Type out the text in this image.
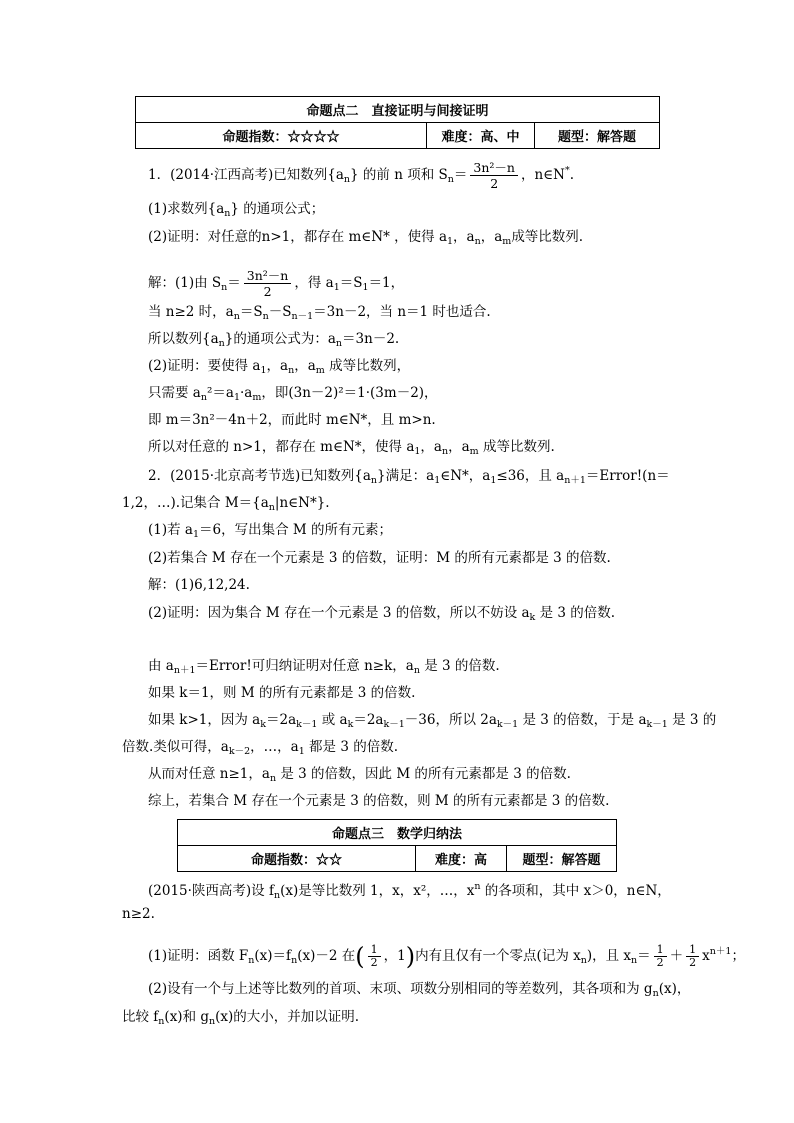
命题点二　直接证明与间接证明
命题指数：☆☆☆☆	难度：高、中	题型：解答题
1．(2014·江西高考)已知数列$\{a_n\}$ 的前 n 项和 $S_n= \frac{\text{3n²－n}}{2}$ ，n∈N*.
(1)求数列$\{a_n\}$ 的通项公式；
(2)证明：对任意的n>1，都存在 m∈N* ，使得 $a_1$，$a_n$，$a_m$成等比数列.
解：(1)由 $S_n= \frac{\text{3n²－n}}{2}$ ，得 $a_1=S_1=1$，
当 n≥2 时，$a_n=S_n-S_{n-1}=3n-2$，当 n＝1 时也适合.
所以数列$\{a_n\}$的通项公式为：$a_n=3n-2$.
(2)证明：要使得 $a_1$，$a_n$，$a_m$ 成等比数列，
只需要 $a_n^2=a_1\cdot a_m$，即(3n－2)²＝1·(3m－2)，
即 m＝3n²－4n＋2，而此时 m∈N*，且 m>n.
所以对任意的 n>1，都存在 m∈N*，使得 $a_1$，$a_n$，$a_m$ 成等比数列.
2．(2015·北京高考节选)已知数列$\{a_n\}$满足：$a_1\in N*$，$a_1\le 36$，且 $a_{n+1}=Error!(n=$
1,2，…).记集合 $M=\{a_n|n\in N*\}$.
(1)若 $a_1=6$，写出集合 M 的所有元素；
(2)若集合 M 存在一个元素是 3 的倍数，证明：M 的所有元素都是 3 的倍数.
解：(1)6,12,24.
(2)证明：因为集合 M 存在一个元素是 3 的倍数，所以不妨设 $a_k$ 是 3 的倍数.
由 $a_{n+1}=Error$!可归纳证明对任意 n≥k，$a_n$ 是 3 的倍数.
如果 k＝1，则 M 的所有元素都是 3 的倍数.
如果 k>1，因为 $a_k=2a_{k-1}$ 或 $a_k=2a_{k-1}-36$，所以 $2a_{k-1}$ 是 3 的倍数，于是 $a_{k-1}$ 是 3 的
倍数.类似可得，$a_{k-2}$，…，$a_1$ 都是 3 的倍数.
从而对任意 n≥1，$a_n$ 是 3 的倍数，因此 M 的所有元素都是 3 的倍数.
综上，若集合 M 存在一个元素是 3 的倍数，则 M 的所有元素都是 3 的倍数.
命题点三　数学归纳法
命题指数：☆☆	难度：高	题型：解答题
(2015·陕西高考)设 $f_n(x)$是等比数列 1，x，x²，…，$x^n$ 的各项和，其中 x＞0，n∈N，
n≥2.
(1)证明：函数 $F_n(x)=f_n(x)-2$ 在( $\frac{1}{2}$ ，1)内有且仅有一个零点(记为 $x_n$)，且 $x_n= \frac{1}{2} + \frac{1}{2} x^{n+1}$；
(2)设有一个与上述等比数列的首项、末项、项数分别相同的等差数列，其各项和为 $g_n(x)$，
比较 $f_n(x)$和 $g_n(x)$的大小，并加以证明.
